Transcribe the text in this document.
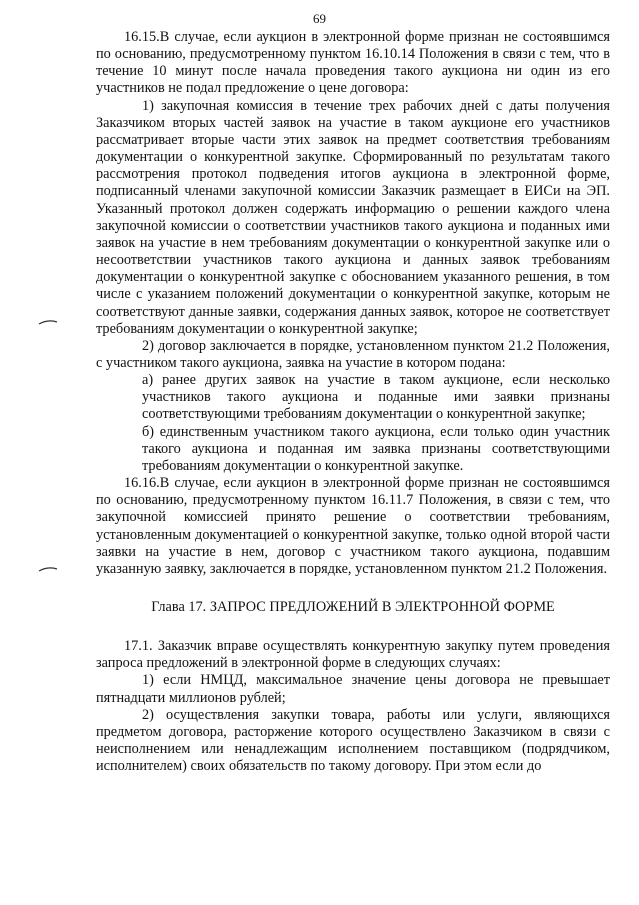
69

16.15.В случае, если аукцион в электронной форме признан не состоявшимся по основанию, предусмотренному пунктом 16.10.14 Положения в связи с тем, что в течение 10 минут после начала проведения такого аукциона ни один из его участников не подал предложение о цене договора:

1) закупочная комиссия в течение трех рабочих дней с даты получения Заказчиком вторых частей заявок на участие в таком аукционе его участников рассматривает вторые части этих заявок на предмет соответствия требованиям документации о конкурентной закупке. Сформированный по результатам такого рассмотрения протокол подведения итогов аукциона в электронной форме, подписанный членами закупочной комиссии Заказчик размещает в ЕИСи на ЭП. Указанный протокол должен содержать информацию о решении каждого члена закупочной комиссии о соответствии участников такого аукциона и поданных ими заявок на участие в нем требованиям документации о конкурентной закупке или о несоответствии участников такого аукциона и данных заявок требованиям документации о конкурентной закупке с обоснованием указанного решения, в том числе с указанием положений документации о конкурентной закупке, которым не соответствуют данные заявки, содержания данных заявок, которое не соответствует требованиям документации о конкурентной закупке;

2) договор заключается в порядке, установленном пунктом 21.2 Положения, с участником такого аукциона, заявка на участие в котором подана:

а) ранее других заявок на участие в таком аукционе, если несколько участников такого аукциона и поданные ими заявки признаны соответствующими требованиям документации о конкурентной закупке;

б) единственным участником такого аукциона, если только один участник такого аукциона и поданная им заявка признаны соответствующими требованиям документации о конкурентной закупке.

16.16.В случае, если аукцион в электронной форме признан не состоявшимся по основанию, предусмотренному пунктом 16.11.7 Положения, в связи с тем, что закупочной комиссией принято решение о соответствии требованиям, установленным документацией о конкурентной закупке, только одной второй части заявки на участие в нем, договор с участником такого аукциона, подавшим указанную заявку, заключается в порядке, установленном пунктом 21.2 Положения.

Глава 17. ЗАПРОС ПРЕДЛОЖЕНИЙ В ЭЛЕКТРОННОЙ ФОРМЕ

17.1. Заказчик вправе осуществлять конкурентную закупку путем проведения запроса предложений в электронной форме в следующих случаях:

1) если НМЦД, максимальное значение цены договора не превышает пятнадцати миллионов рублей;

2) осуществления закупки товара, работы или услуги, являющихся предметом договора, расторжение которого осуществлено Заказчиком в связи с неисполнением или ненадлежащим исполнением поставщиком (подрядчиком, исполнителем) своих обязательств по такому договору. При этом если до
